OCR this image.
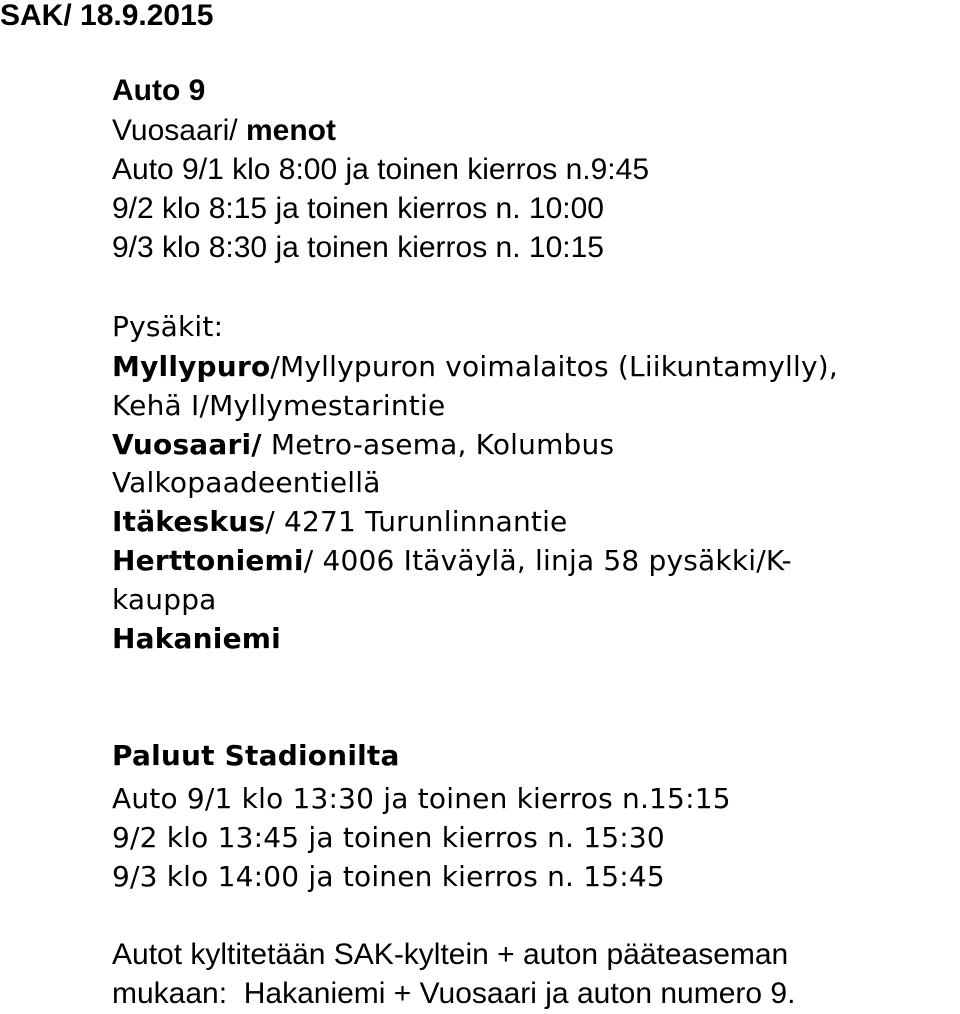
SAK/ 18.9.2015
Auto 9
Vuosaari/ menot
Auto 9/1 klo 8:00 ja toinen kierros n.9:45
9/2 klo 8:15 ja toinen kierros n. 10:00
9/3 klo 8:30 ja toinen kierros n. 10:15
Pysäkit:
Myllypuro/Myllypuron voimalaitos (Liikuntamylly),
Kehä I/Myllymestarintie
Vuosaari/ Metro-asema, Kolumbus
Valkopaadeentiellä
Itäkeskus/ 4271 Turunlinnantie
Herttoniemi/ 4006 Itäväylä, linja 58 pysäkki/K-
kauppa
Hakaniemi
Paluut Stadionilta
Auto 9/1 klo 13:30 ja toinen kierros n.15:15
9/2 klo 13:45 ja toinen kierros n. 15:30
9/3 klo 14:00 ja toinen kierros n. 15:45
Autot kyltitetään SAK-kyltein + auton pääteaseman
mukaan:  Hakaniemi + Vuosaari ja auton numero 9.
